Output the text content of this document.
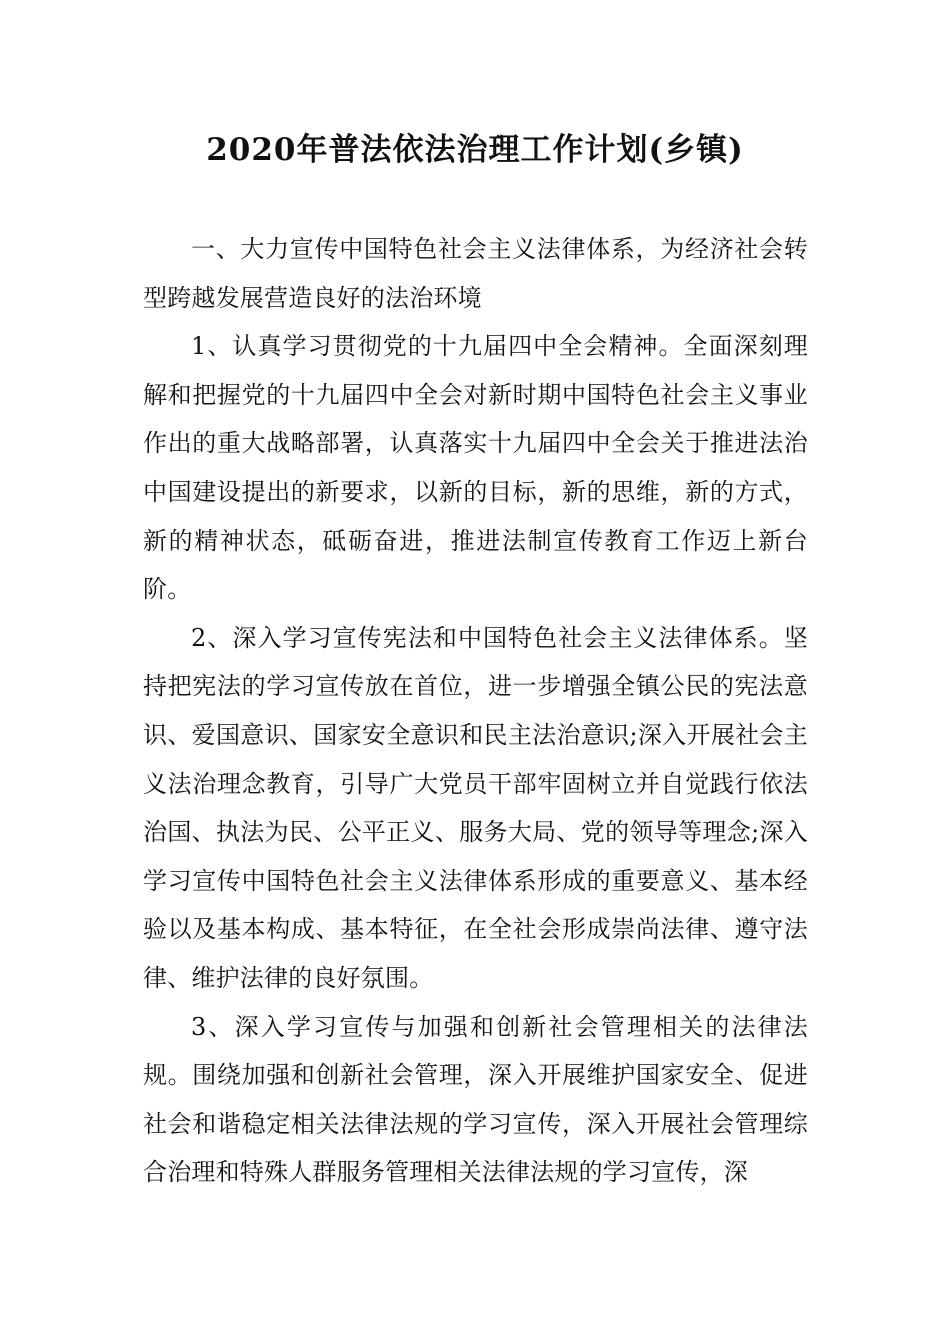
2020年普法依法治理工作计划(乡镇)

一、大力宣传中国特色社会主义法律体系，为经济社会转型跨越发展营造良好的法治环境

1、认真学习贯彻党的十九届四中全会精神。全面深刻理解和把握党的十九届四中全会对新时期中国特色社会主义事业作出的重大战略部署，认真落实十九届四中全会关于推进法治中国建设提出的新要求，以新的目标，新的思维，新的方式，新的精神状态，砥砺奋进，推进法制宣传教育工作迈上新台阶。

2、深入学习宣传宪法和中国特色社会主义法律体系。坚持把宪法的学习宣传放在首位，进一步增强全镇公民的宪法意识、爱国意识、国家安全意识和民主法治意识;深入开展社会主义法治理念教育，引导广大党员干部牢固树立并自觉践行依法治国、执法为民、公平正义、服务大局、党的领导等理念;深入学习宣传中国特色社会主义法律体系形成的重要意义、基本经验以及基本构成、基本特征，在全社会形成崇尚法律、遵守法律、维护法律的良好氛围。

3、深入学习宣传与加强和创新社会管理相关的法律法规。围绕加强和创新社会管理，深入开展维护国家安全、促进社会和谐稳定相关法律法规的学习宣传，深入开展社会管理综合治理和特殊人群服务管理相关法律法规的学习宣传，深
